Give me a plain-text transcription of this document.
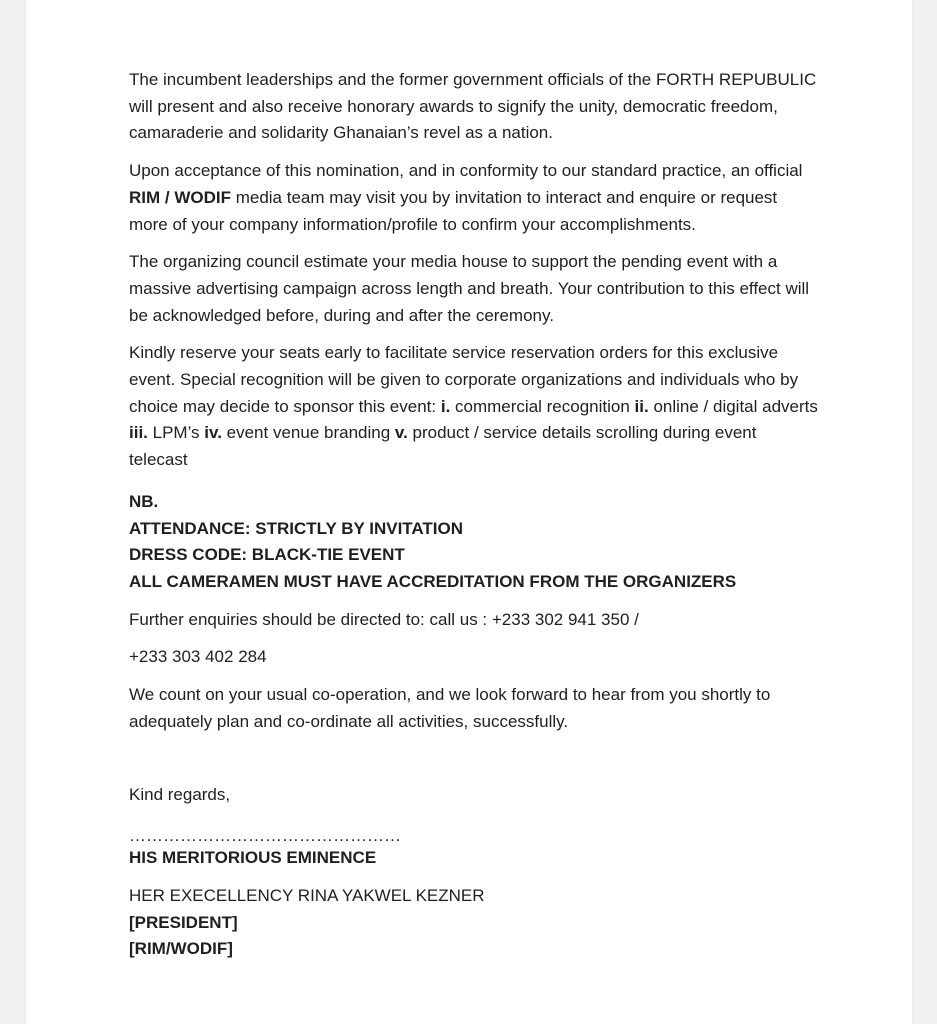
The incumbent leaderships and the former government officials of the FORTH REPUBULIC will present and also receive honorary awards to signify the unity, democratic freedom, camaraderie and solidarity Ghanaian’s revel as a nation.

Upon acceptance of this nomination, and in conformity to our standard practice, an official RIM / WODIF media team may visit you by invitation to interact and enquire or request more of your company information/profile to confirm your accomplishments.

The organizing council estimate your media house to support the pending event with a massive advertising campaign across length and breath. Your contribution to this effect will be acknowledged before, during and after the ceremony.

Kindly reserve your seats early to facilitate service reservation orders for this exclusive event. Special recognition will be given to corporate organizations and individuals who by choice may decide to sponsor this event: i. commercial recognition ii. online / digital adverts iii. LPM’s iv. event venue branding v. product / service details scrolling during event telecast

NB.
ATTENDANCE: STRICTLY BY INVITATION
DRESS CODE: BLACK-TIE EVENT
ALL CAMERAMEN MUST HAVE ACCREDITATION FROM THE ORGANIZERS

Further enquiries should be directed to: call us : +233 302 941 350 /

+233 303 402 284

We count on your usual co-operation, and we look forward to hear from you shortly to adequately plan and co-ordinate all activities, successfully.

Kind regards,

…………………………………………

HIS MERITORIOUS EMINENCE

HER EXECELLENCY RINA YAKWEL KEZNER
[PRESIDENT]
[RIM/WODIF]
